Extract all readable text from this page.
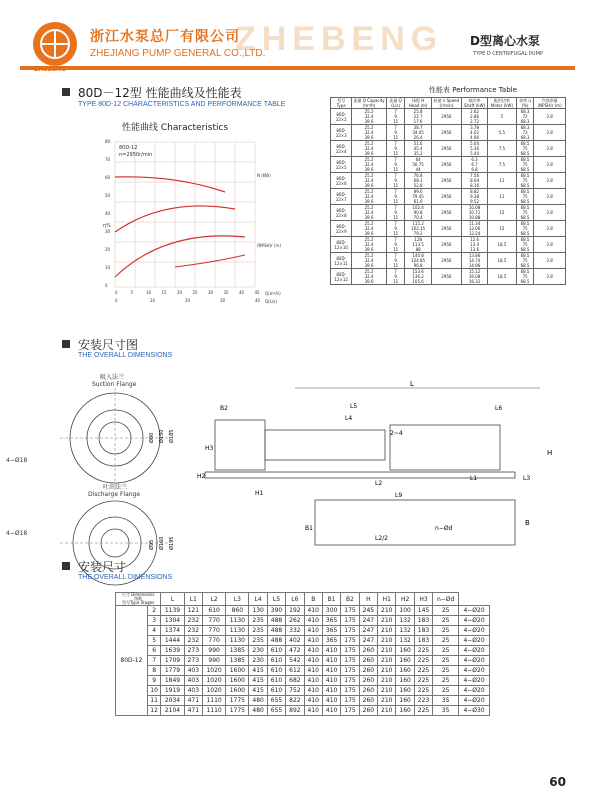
ZHEBENG
浙江水泵总厂有限公司
ZHEJIANG PUMP GENERAL CO.,LTD.
D型离心水泵
TYPE D CENTRIFUGAL PUMP
80D－12型 性能曲线及性能表
TYPE 80D-12 CHARACTERISTICS AND PERFORMANCE TABLE
性能曲线 Characteristics
性能表 Performance Table
80D-12
n=2950r/min
η%
(NPSH)r (m)
N (KW)
Q(m³/h)
Q(L/s)
0	5	10	15	20	25	30	35	40	45
0	10	20	30	40
0
10
20
30
40
50
60
70
80
型号 Type	流量 Q Capacity (m³/h)	流量 Q (L/s)	扬程 H Head (m)	转速 n Speed (r/min)	轴功率 Shaft (kW)	配用功率 Motor (kW)	效率 η (%)	汽蚀余量 (NPSH)r (m)
80D-12×2	25.2
32.4
39.6	7
9
11	25.8
22.7
17.6	2950	2.62
2.86
2.72	5	68.3
72
68.3	2.8
80D-12×3	25.2
32.4
39.6	7
9
11	38.7
34.05
26.4	2950	3.78
4.02
4.06	5.5	68.3
73
68.3	2.8
80D-12×4	25.2
32.4
39.6	7
9
11	51.6
45.4
35.2	2950	5.04
5.36
5.44	7.5	68.5
75
68.5	2.8
80D-12×5	25.2
32.4
39.6	7
9
11	64
56.75
44	2950	6.3
6.7
6.8	7.5	68.5
75
68.5	2.8
80D-12×6	25.2
32.4
39.6	7
9
11	76.8
68.1
52.8	2950	7.56
8.04
8.16	11	68.5
75
68.5	2.8
80D-12×7	25.2
32.4
39.6	7
9
11	89.6
79.45
61.6	2950	8.82
9.38
9.52	11	68.5
75
68.5	2.8
80D-12×8	25.2
32.4
39.6	7
9
11	102.4
90.8
70.4	2950	10.08
10.72
10.88	15	68.5
75
68.5	2.8
80D-12×9	25.2
32.4
39.6	7
9
11	115.2
102.15
79.2	2950	11.34
12.06
12.24	15	68.5
75
68.5	2.8
80D-12×10	25.2
32.4
39.6	7
9
11	128
113.5
88	2950	12.6
13.4
13.6	18.5	68.5
75
68.5	2.8
80D-12×11	25.2
32.4
39.6	7
9
11	140.8
124.85
96.8	2950	13.86
14.74
14.96	18.5	68.5
75
68.5	2.8
80D-12×12	25.2
32.4
39.6	7
9
11	153.6
136.2
105.6	2950	15.12
16.08
16.32	18.5	68.5
75
68.5	2.8
安装尺寸图
THE OVERALL DIMENSIONS
吸入法兰
Suction Flange
Ø80 Ø150 Ø185
4−Ø18
吐出法兰
Discharge Flange
Ø95 Ø160 Ø195
4−Ø18
L
L5	L6
2~4
B2
H3
H
H2
H1
L2
L1	L3
L9
L2/2
n−Ød
B1
B
L4
安装尺寸
THE OVERALL DIMENSIONS
尺寸 Dimensions
级数
型号Type Stages		L	L1	L2	L3	L4	L5	L6	B	B1	B2	H	H1	H2	H3	n−Ød	
80D-12	2	1139	121	610	860	130	390	192	410	300	175	245	210	100	145	25	4−Ø20
	3	1304	232	770	1130	235	488	262	410	365	175	247	210	132	183	25	4−Ø20
	4	1374	232	770	1130	235	488	332	410	365	175	247	210	132	183	25	4−Ø20
	5	1444	232	770	1130	235	488	402	410	365	175	247	210	132	183	25	4−Ø20
	6	1639	273	990	1385	230	610	472	410	410	175	260	210	160	225	25	4−Ø20
	7	1709	273	990	1385	230	610	542	410	410	175	260	210	160	225	25	4−Ø20
	8	1779	403	1020	1600	415	610	612	410	410	175	260	210	160	225	25	4−Ø20
	9	1849	403	1020	1600	415	610	682	410	410	175	260	210	160	225	25	4−Ø20
	10	1919	403	1020	1600	415	610	752	410	410	175	260	210	160	225	25	4−Ø20
	11	2034	471	1110	1775	480	655	822	410	410	175	260	210	160	223	35	4−Ø20
	12	2104	471	1110	1775	480	655	892	410	410	175	260	210	160	225	35	4−Ø30
60
